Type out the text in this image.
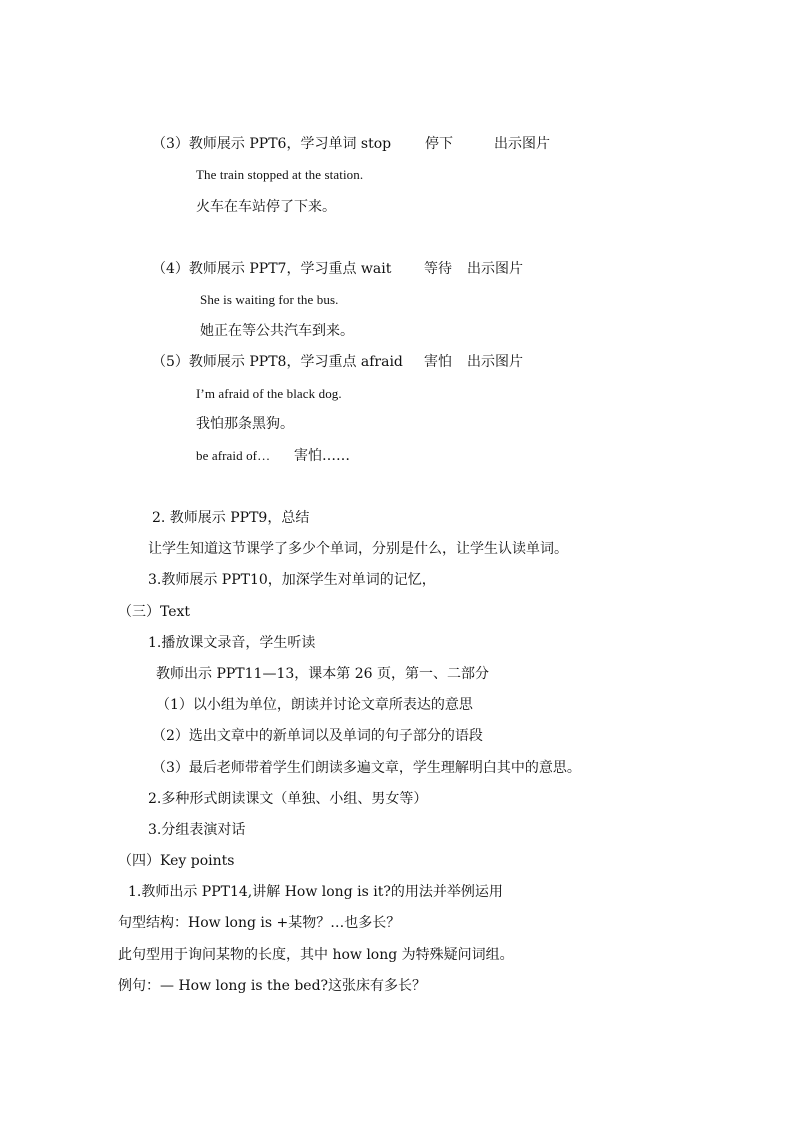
（3）教师展示 PPT6，学习单词 stop 停下	出示图片
The train stopped at the station.
火车在车站停了下来。
（4）教师展示 PPT7，学习重点 wait 等待 出示图片
She is waiting for the bus.
她正在等公共汽车到来。
（5）教师展示 PPT8，学习重点 afraid 害怕 出示图片
I’m afraid of the black dog.
我怕那条黑狗。
be afraid of… 害怕……
2. 教师展示 PPT9，总结
让学生知道这节课学了多少个单词，分别是什么，让学生认读单词。
3.教师展示 PPT10，加深学生对单词的记忆，
（三）Text
1.播放课文录音，学生听读
教师出示 PPT11—13，课本第 26 页，第一、二部分
（1）以小组为单位，朗读并讨论文章所表达的意思
（2）选出文章中的新单词以及单词的句子部分的语段
（3）最后老师带着学生们朗读多遍文章，学生理解明白其中的意思。
2.多种形式朗读课文（单独、小组、男女等）
3.分组表演对话
（四）Key points
1.教师出示 PPT14,讲解 How long is it?的用法并举例运用
句型结构：How long is +某物？…也多长？
此句型用于询问某物的长度，其中 how long 为特殊疑问词组。
例句：— How long is the bed?这张床有多长？
